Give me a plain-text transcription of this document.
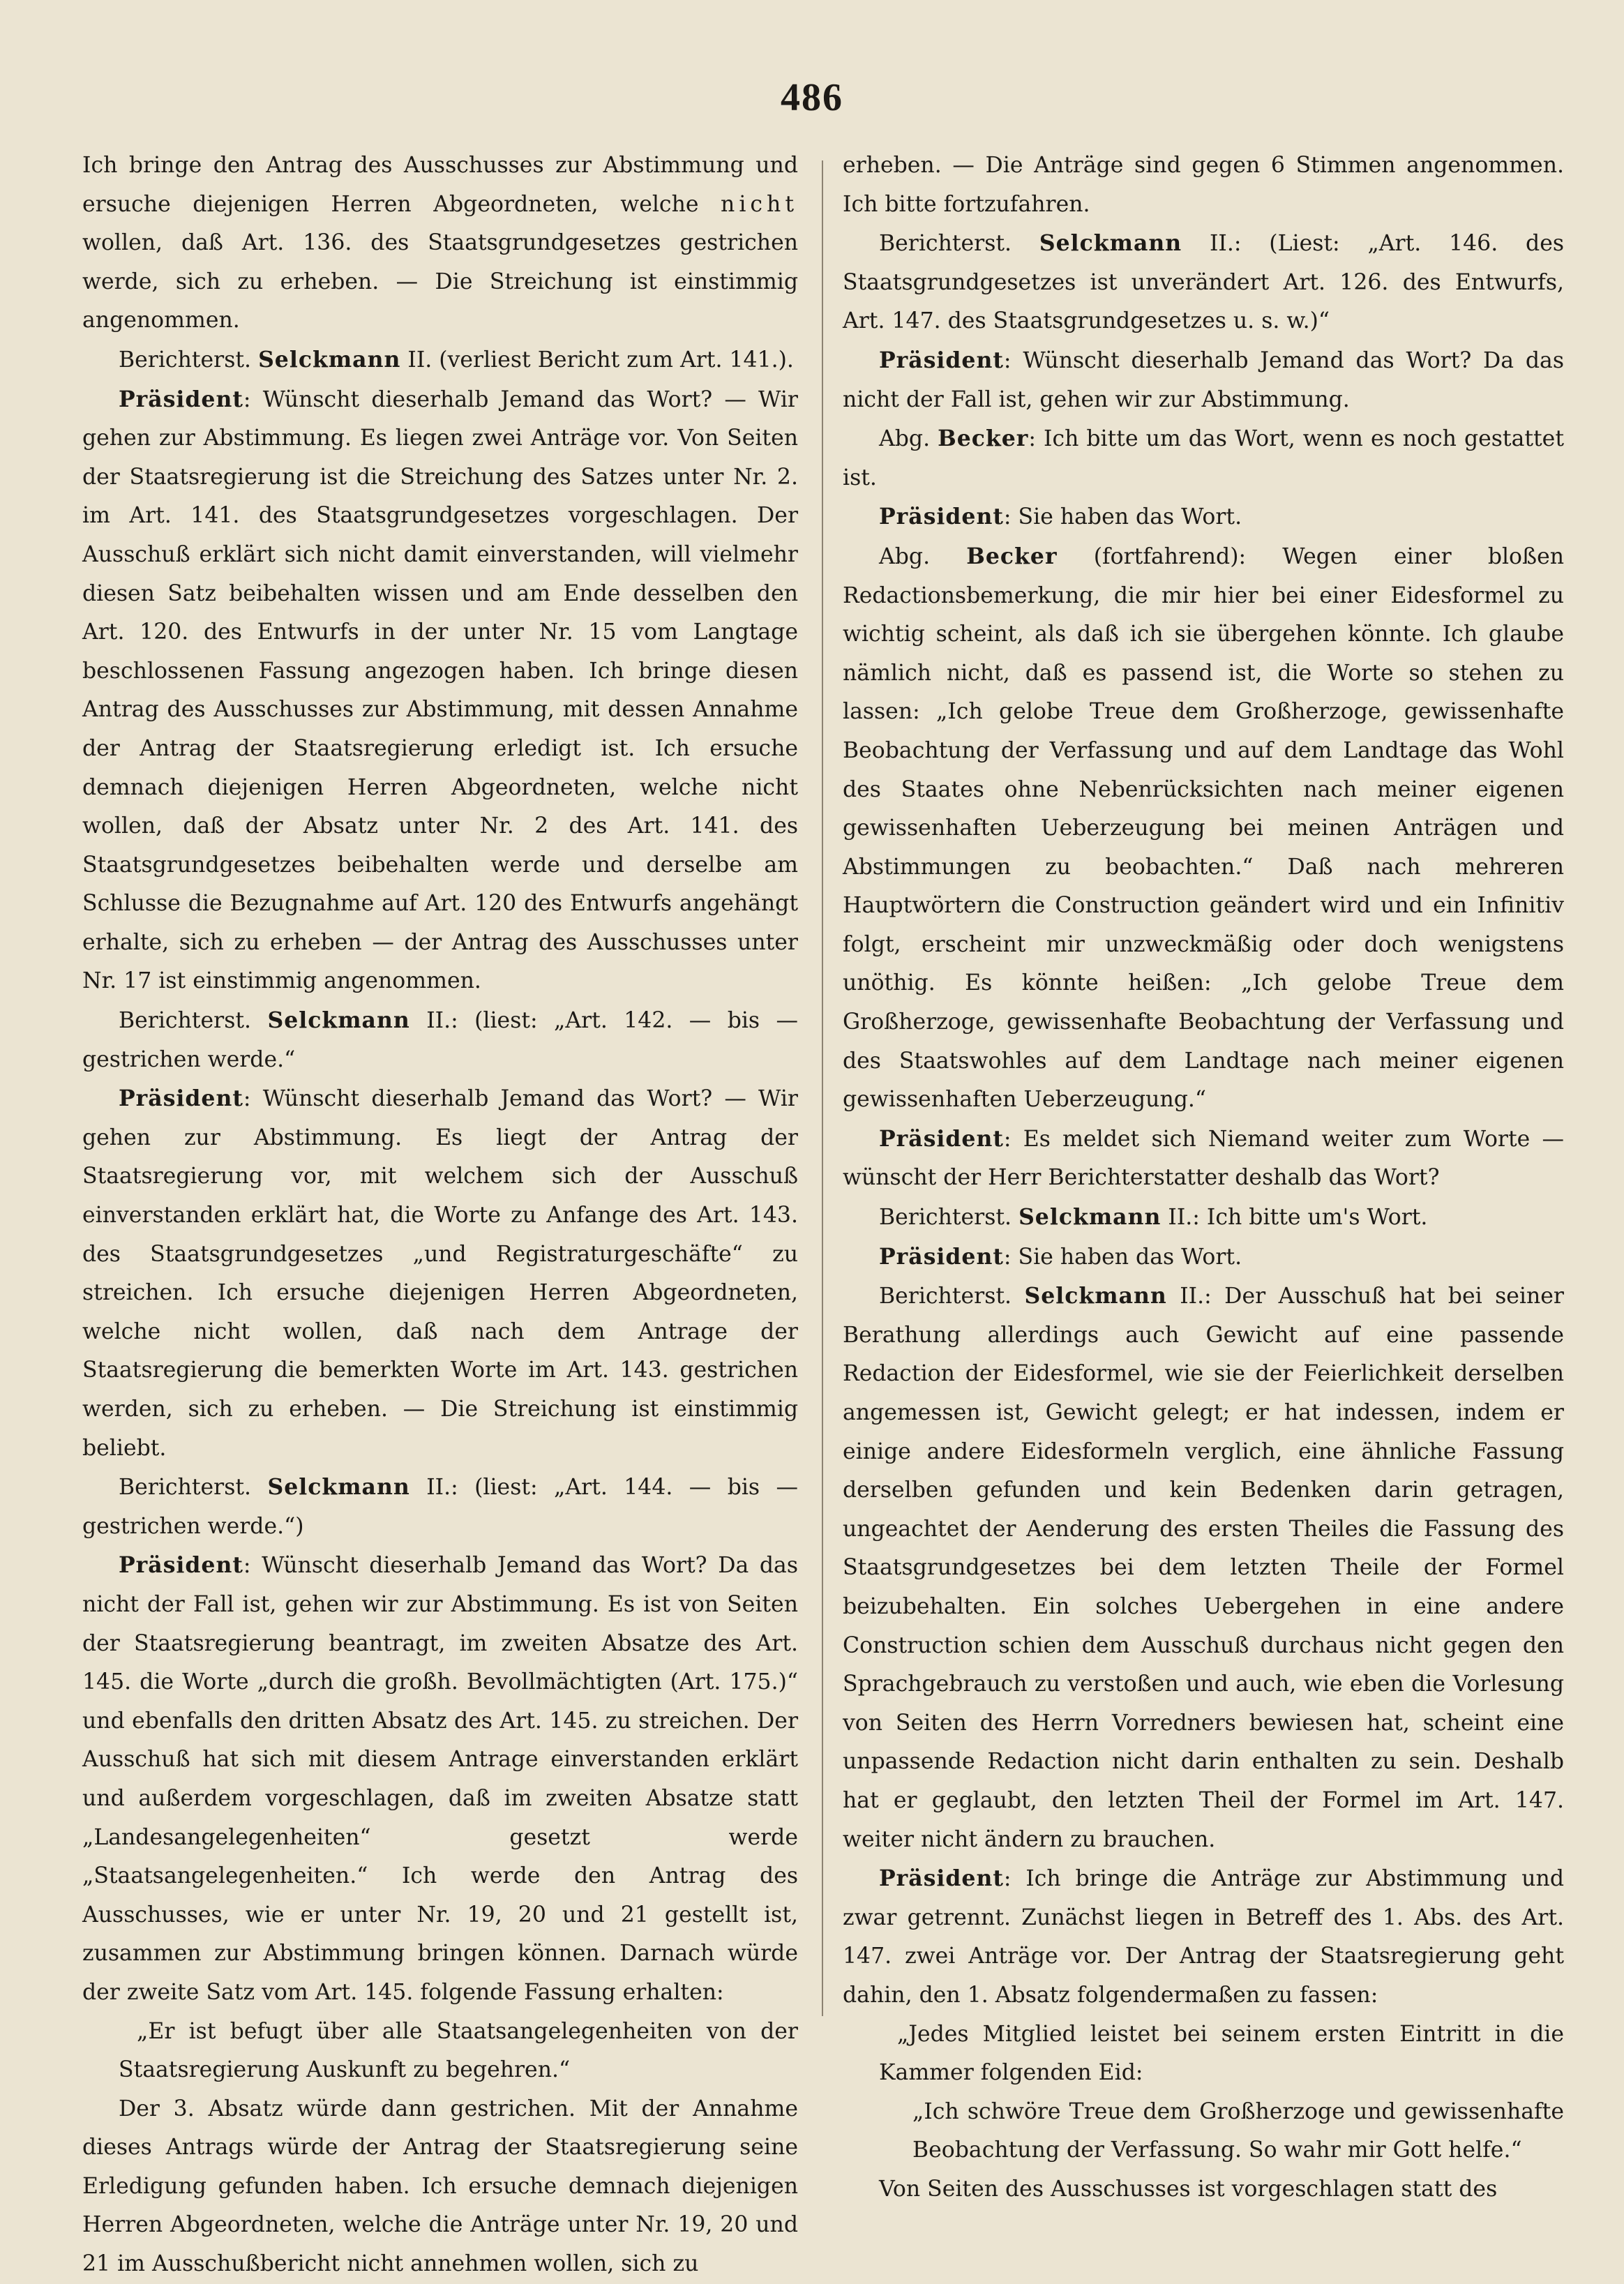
486

Ich bringe den Antrag des Ausschusses zur Abstimmung und ersuche diejenigen Herren Abgeordneten, welche nicht wollen, daß Art. 136. des Staatsgrundgesetzes gestrichen werde, sich zu erheben. — Die Streichung ist einstimmig angenommen.

Berichterst. Selckmann II. (verliest Bericht zum Art. 141.).

Präsident: Wünscht dieserhalb Jemand das Wort? — Wir gehen zur Abstimmung. Es liegen zwei Anträge vor. Von Seiten der Staatsregierung ist die Streichung des Satzes unter Nr. 2. im Art. 141. des Staatsgrundgesetzes vorgeschlagen. Der Ausschuß erklärt sich nicht damit einverstanden, will vielmehr diesen Satz beibehalten wissen und am Ende desselben den Art. 120. des Entwurfs in der unter Nr. 15 vom Langtage beschlossenen Fassung angezogen haben. Ich bringe diesen Antrag des Ausschusses zur Abstimmung, mit dessen Annahme der Antrag der Staatsregierung erledigt ist. Ich ersuche demnach diejenigen Herren Abgeordneten, welche nicht wollen, daß der Absatz unter Nr. 2 des Art. 141. des Staatsgrundgesetzes beibehalten werde und derselbe am Schlusse die Bezugnahme auf Art. 120 des Entwurfs angehängt erhalte, sich zu erheben — der Antrag des Ausschusses unter Nr. 17 ist einstimmig angenommen.

Berichterst. Selckmann II.: (liest: „Art. 142. — bis — gestrichen werde.“

Präsident: Wünscht dieserhalb Jemand das Wort? — Wir gehen zur Abstimmung. Es liegt der Antrag der Staatsregierung vor, mit welchem sich der Ausschuß einverstanden erklärt hat, die Worte zu Anfange des Art. 143. des Staatsgrundgesetzes „und Registraturgeschäfte“ zu streichen. Ich ersuche diejenigen Herren Abgeordneten, welche nicht wollen, daß nach dem Antrage der Staatsregierung die bemerkten Worte im Art. 143. gestrichen werden, sich zu erheben. — Die Streichung ist einstimmig beliebt.

Berichterst. Selckmann II.: (liest: „Art. 144. — bis — gestrichen werde.“)

Präsident: Wünscht dieserhalb Jemand das Wort? Da das nicht der Fall ist, gehen wir zur Abstimmung. Es ist von Seiten der Staatsregierung beantragt, im zweiten Absatze des Art. 145. die Worte „durch die großh. Bevollmächtigten (Art. 175.)“ und ebenfalls den dritten Absatz des Art. 145. zu streichen. Der Ausschuß hat sich mit diesem Antrage einverstanden erklärt und außerdem vorgeschlagen, daß im zweiten Absatze statt „Landesangelegenheiten“ gesetzt werde „Staatsangelegenheiten.“ Ich werde den Antrag des Ausschusses, wie er unter Nr. 19, 20 und 21 gestellt ist, zusammen zur Abstimmung bringen können. Darnach würde der zweite Satz vom Art. 145. folgende Fassung erhalten:

„Er ist befugt über alle Staatsangelegenheiten von der Staatsregierung Auskunft zu begehren.“

Der 3. Absatz würde dann gestrichen. Mit der Annahme dieses Antrags würde der Antrag der Staatsregierung seine Erledigung gefunden haben. Ich ersuche demnach diejenigen Herren Abgeordneten, welche die Anträge unter Nr. 19, 20 und 21 im Ausschußbericht nicht annehmen wollen, sich zu

erheben. — Die Anträge sind gegen 6 Stimmen angenommen. Ich bitte fortzufahren.

Berichterst. Selckmann II.: (Liest: „Art. 146. des Staatsgrundgesetzes ist unverändert Art. 126. des Entwurfs, Art. 147. des Staatsgrundgesetzes u. s. w.)“

Präsident: Wünscht dieserhalb Jemand das Wort? Da das nicht der Fall ist, gehen wir zur Abstimmung.

Abg. Becker: Ich bitte um das Wort, wenn es noch gestattet ist.

Präsident: Sie haben das Wort.

Abg. Becker (fortfahrend): Wegen einer bloßen Redactionsbemerkung, die mir hier bei einer Eidesformel zu wichtig scheint, als daß ich sie übergehen könnte. Ich glaube nämlich nicht, daß es passend ist, die Worte so stehen zu lassen: „Ich gelobe Treue dem Großherzoge, gewissenhafte Beobachtung der Verfassung und auf dem Landtage das Wohl des Staates ohne Nebenrücksichten nach meiner eigenen gewissenhaften Ueberzeugung bei meinen Anträgen und Abstimmungen zu beobachten.“ Daß nach mehreren Hauptwörtern die Construction geändert wird und ein Infinitiv folgt, erscheint mir unzweckmäßig oder doch wenigstens unöthig. Es könnte heißen: „Ich gelobe Treue dem Großherzoge, gewissenhafte Beobachtung der Verfassung und des Staatswohles auf dem Landtage nach meiner eigenen gewissenhaften Ueberzeugung.“

Präsident: Es meldet sich Niemand weiter zum Worte — wünscht der Herr Berichterstatter deshalb das Wort?

Berichterst. Selckmann II.: Ich bitte um's Wort.

Präsident: Sie haben das Wort.

Berichterst. Selckmann II.: Der Ausschuß hat bei seiner Berathung allerdings auch Gewicht auf eine passende Redaction der Eidesformel, wie sie der Feierlichkeit derselben angemessen ist, Gewicht gelegt; er hat indessen, indem er einige andere Eidesformeln verglich, eine ähnliche Fassung derselben gefunden und kein Bedenken darin getragen, ungeachtet der Aenderung des ersten Theiles die Fassung des Staatsgrundgesetzes bei dem letzten Theile der Formel beizubehalten. Ein solches Uebergehen in eine andere Construction schien dem Ausschuß durchaus nicht gegen den Sprachgebrauch zu verstoßen und auch, wie eben die Vorlesung von Seiten des Herrn Vorredners bewiesen hat, scheint eine unpassende Redaction nicht darin enthalten zu sein. Deshalb hat er geglaubt, den letzten Theil der Formel im Art. 147. weiter nicht ändern zu brauchen.

Präsident: Ich bringe die Anträge zur Abstimmung und zwar getrennt. Zunächst liegen in Betreff des 1. Abs. des Art. 147. zwei Anträge vor. Der Antrag der Staatsregierung geht dahin, den 1. Absatz folgendermaßen zu fassen:

„Jedes Mitglied leistet bei seinem ersten Eintritt in die Kammer folgenden Eid:

„Ich schwöre Treue dem Großherzoge und gewissenhafte Beobachtung der Verfassung. So wahr mir Gott helfe.“

Von Seiten des Ausschusses ist vorgeschlagen statt des
